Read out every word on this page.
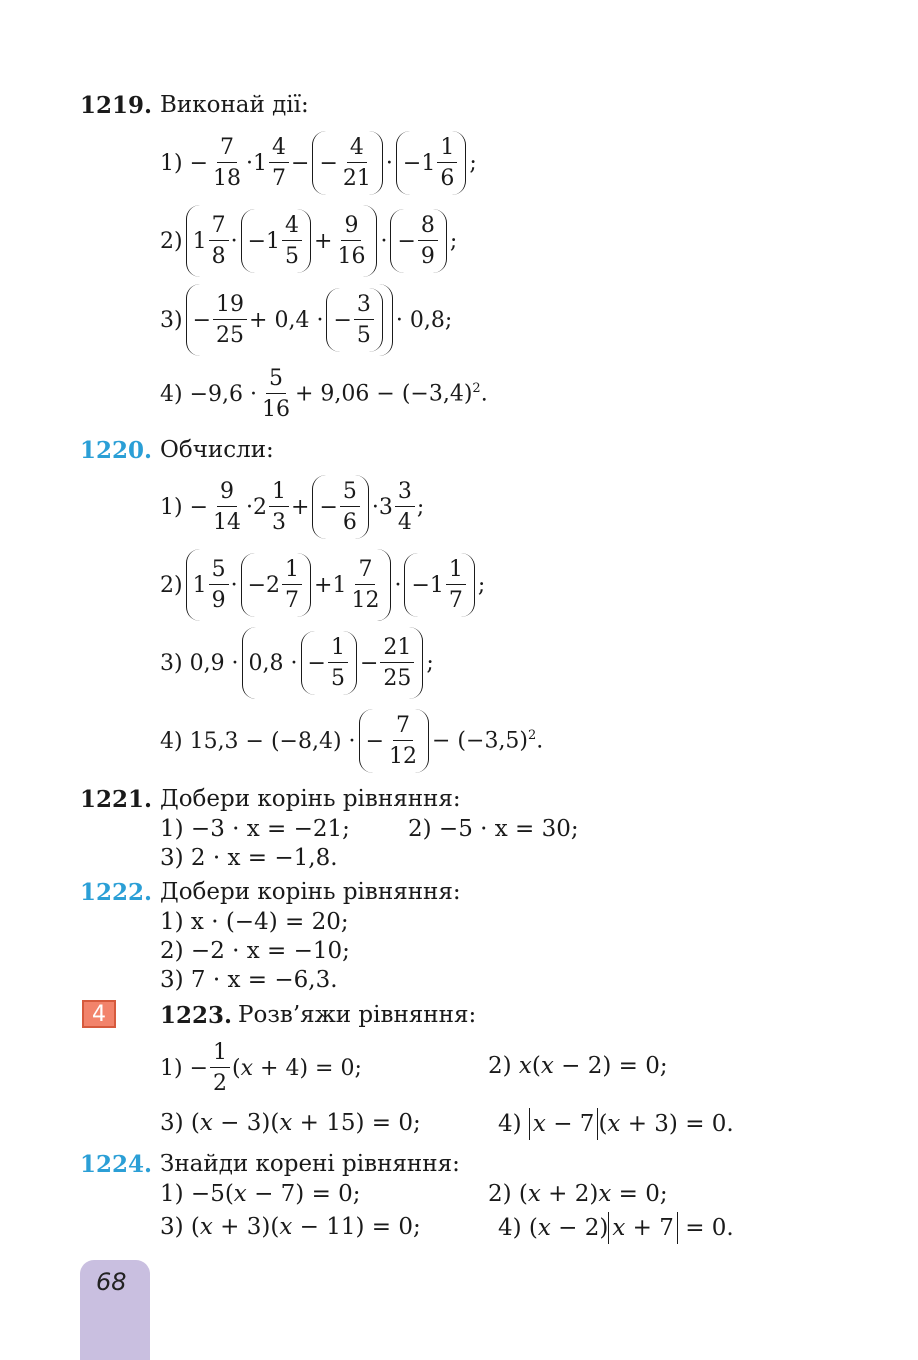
1219. Виконай дії:
$1) - \frac{7}{18} \cdot 1 \frac{4}{7}$ − − $\frac{4}{21} \cdot -1 \frac{1}{6}$ ;
2) $1 \frac{7}{8} \cdot -1 \frac{4}{5} + \frac{9}{16}$ · − $\frac{8}{9}$ ;
$3) - \frac{19}{25} + 0,4$ · − $\frac{3}{5} \cdot 0,8$;
$4) -9,6 \cdot \frac{5}{16} + 9,06 - (-3,4)^2$.
1220. Обчисли:
$1) - \frac{9}{14} \cdot 2 \frac{1}{3}$ + − $\frac{5}{6} \cdot 3 \frac{3}{4}$ ;
2) $1 \frac{5}{9} \cdot -2 \frac{1}{7} +1 \frac{7}{12} \cdot -1 \frac{1}{7}$ ;
3) 0,9 · 0,8 · − $\frac{1}{5} - \frac{21}{25}$ ;
4) 15,3 − (−8,4) · − $\frac{7}{12} - (-3,5)^2$.
1221. Добери корінь рівняння:
1) −3 · x = −21;	2) −5 · x = 30;
3) 2 · x = −1,8.
1222. Добери корінь рівняння:
1) x · (−4) = 20;
2) −2 · x = −10;
3) 7 · x = −6,3.
4	1223. Розв’яжи рівняння:
$1) - \frac{1}{2} (x + 4) = 0$;	2) x(x − 2) = 0;
3) (x − 3)(x + 15) = 0;	4) x − 7 (x + 3) = 0.
1224. Знайди корені рівняння:
1) −5(x − 7) = 0;	2) (x + 2)x = 0;
3) (x + 3)(x − 11) = 0;	4) (x − 2) x + 7 = 0.
68
